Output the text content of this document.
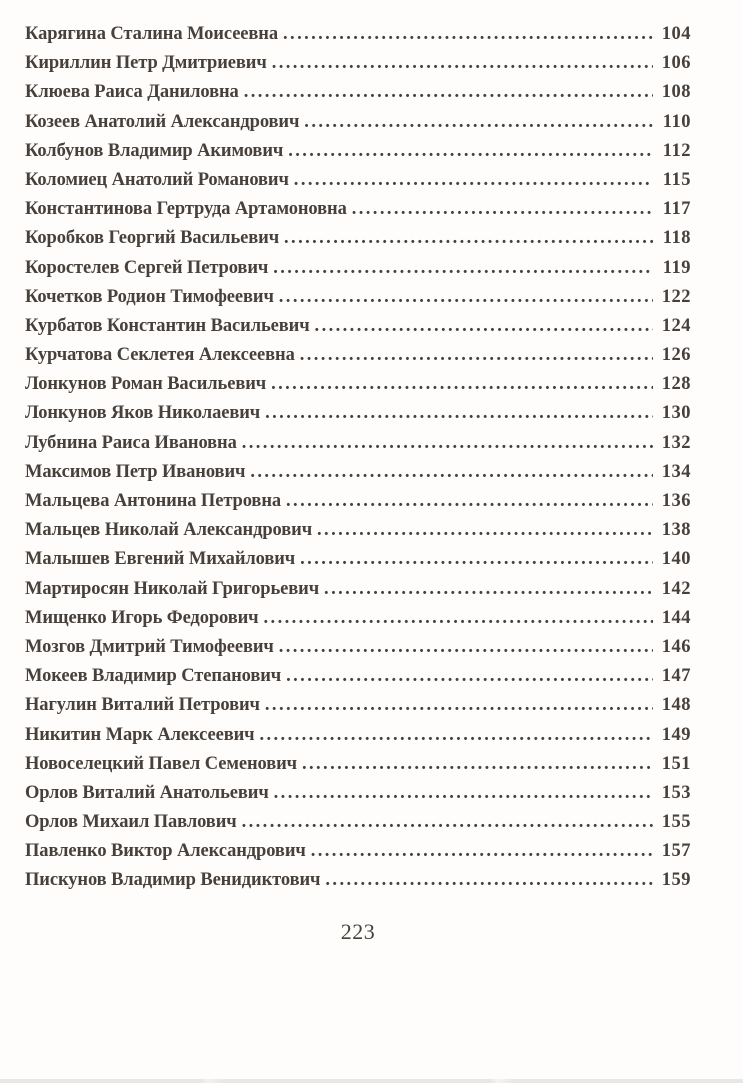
Карягина Сталина Моисеевна .....	104
Кириллин Петр Дмитриевич .....	106
Клюева Раиса Даниловна .....	108
Козеев Анатолий Александрович .....	110
Колбунов Владимир Акимович .....	112
Коломиец Анатолий Романович .....	115
Константинова Гертруда Артамоновна .....	117
Коробков Георгий Васильевич .....	118
Коростелев Сергей Петрович .....	119
Кочетков Родион Тимофеевич .....	122
Курбатов Константин Васильевич .....	124
Курчатова Секлетея Алексеевна .....	126
Лонкунов Роман Васильевич .....	128
Лонкунов Яков Николаевич .....	130
Лубнина Раиса Ивановна .....	132
Максимов Петр Иванович .....	134
Мальцева Антонина Петровна .....	136
Мальцев Николай Александрович .....	138
Малышев Евгений Михайлович .....	140
Мартиросян Николай Григорьевич .....	142
Мищенко Игорь Федорович .....	144
Мозгов Дмитрий Тимофеевич .....	146
Мокеев Владимир Степанович .....	147
Нагулин Виталий Петрович .....	148
Никитин Марк Алексеевич .....	149
Новоселецкий Павел Семенович .....	151
Орлов Виталий Анатольевич .....	153
Орлов Михаил Павлович .....	155
Павленко Виктор Александрович .....	157
Пискунов Владимир Венидиктович .....	159
223
